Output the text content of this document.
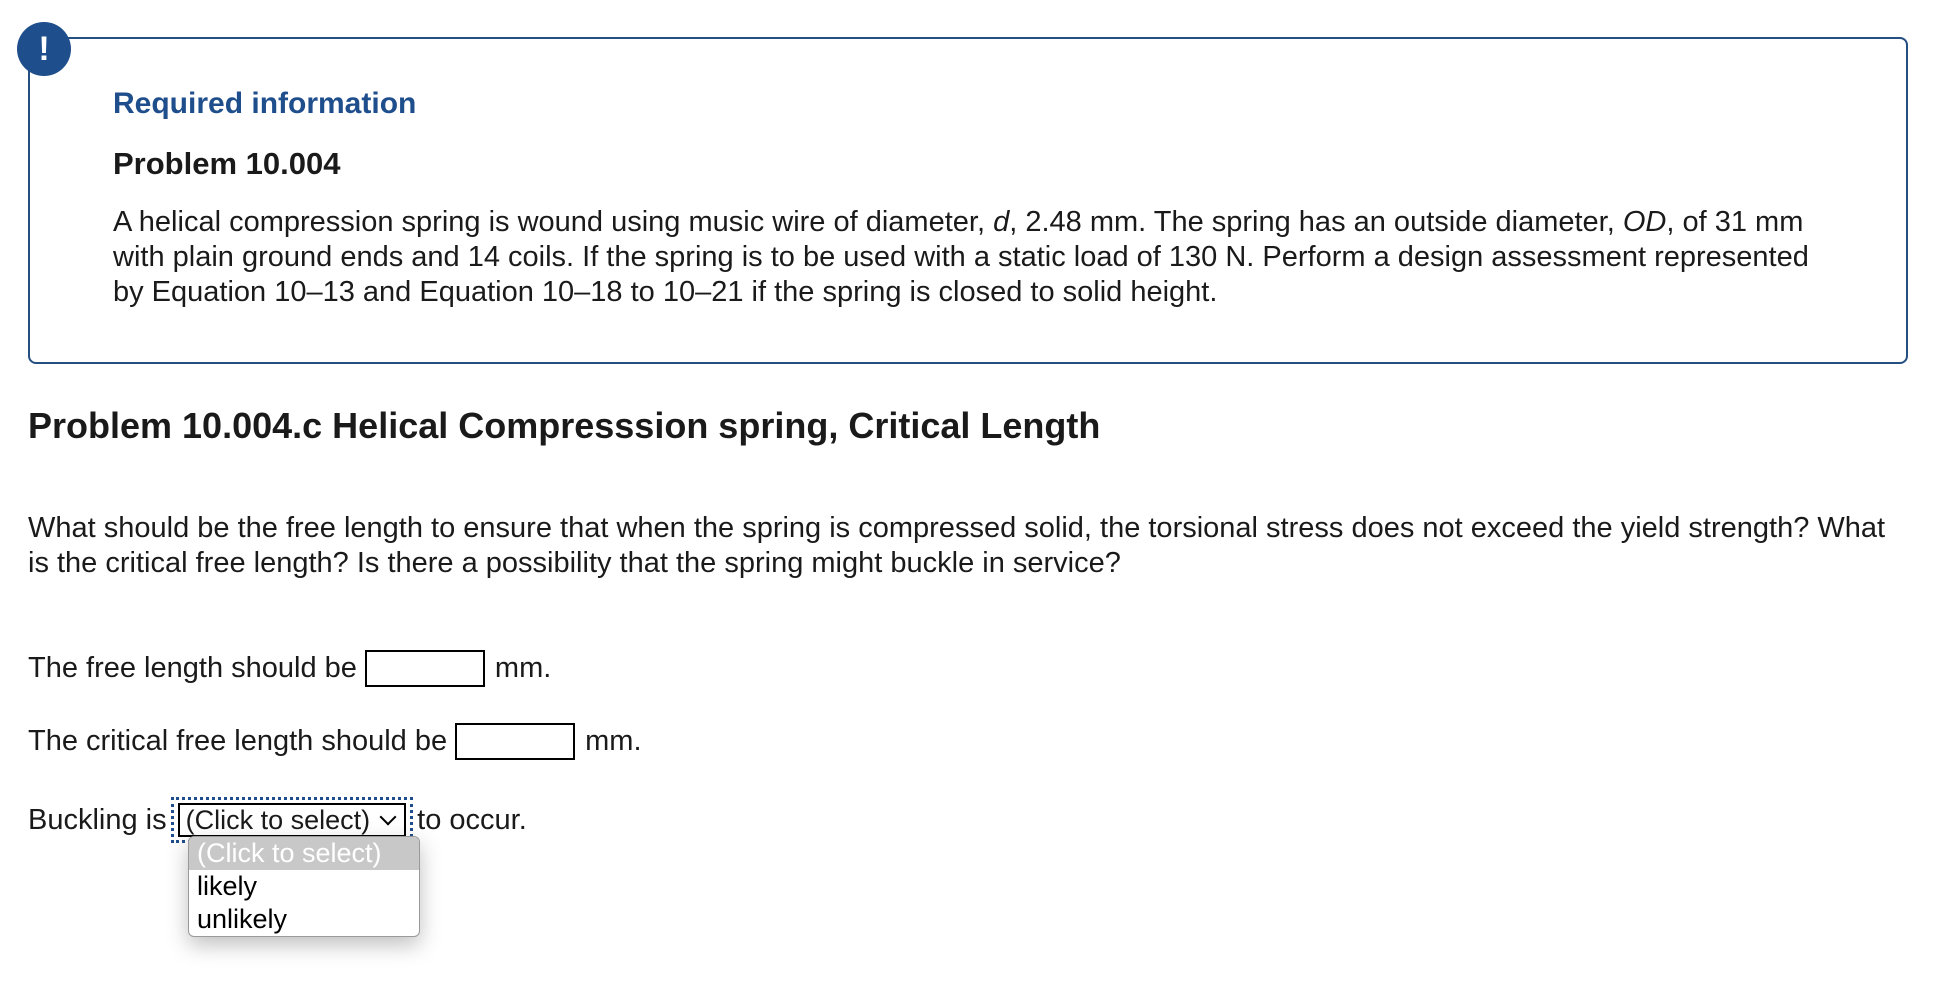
!
Required information
Problem 10.004
A helical compression spring is wound using music wire of diameter, d, 2.48 mm. The spring has an outside diameter, OD, of 31 mm with plain ground ends and 14 coils. If the spring is to be used with a static load of 130 N. Perform a design assessment represented by Equation 10–13 and Equation 10–18 to 10–21 if the spring is closed to solid height.
Problem 10.004.c Helical Compresssion spring, Critical Length
What should be the free length to ensure that when the spring is compressed solid, the torsional stress does not exceed the yield strength? What is the critical free length? Is there a possibility that the spring might buckle in service?
The free length should be	mm.
The critical free length should be	mm.
Buckling is (Click to select) to occur.
(Click to select)
likely
unlikely
